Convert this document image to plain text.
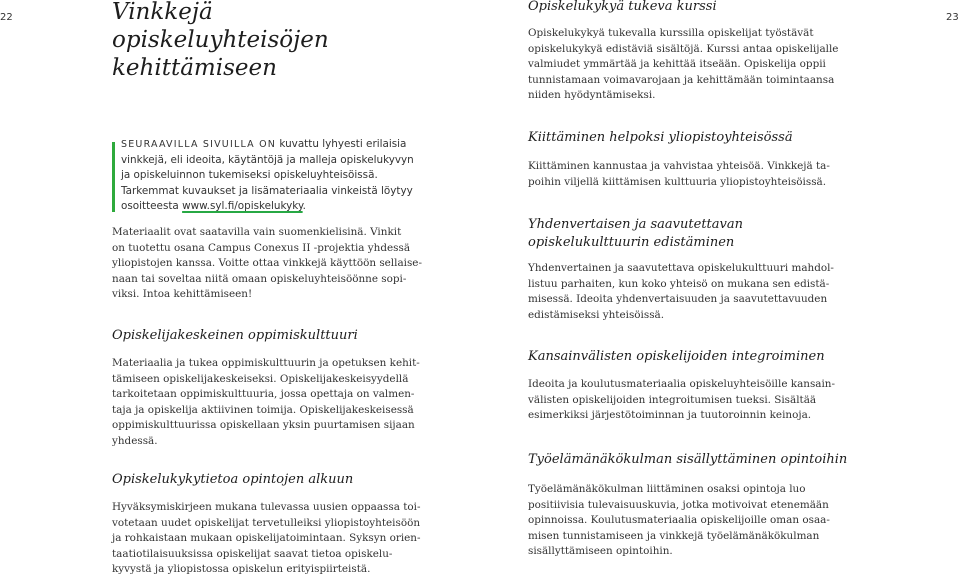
22	23
Vinkkejä opiskeluyhteisöjen
kehittämiseen

SEURAAVILLA SIVUILLA ON kuvattu lyhyesti erilaisia

vinkkejä, eli ideoita, käytäntöjä ja malleja opiskelukyvyn

ja opiskeluinnon tukemiseksi opiskeluyhteisöissä.

Tarkemmat kuvaukset ja lisämateriaalia vinkeistä löytyy

osoitteesta www.syl.fi/opiskelukyky.

Materiaalit ovat saatavilla vain suomenkielisinä. Vinkit

on tuotettu osana Campus Conexus II -projektia yhdessä

yliopistojen kanssa. Voitte ottaa vinkkejä käyttöön sellaise-

naan tai soveltaa niitä omaan opiskeluyhteisöönne sopi-

viksi. Intoa kehittämiseen!

Opiskelijakeskeinen oppimiskulttuuri

Materiaalia ja tukea oppimiskulttuurin ja opetuksen kehit-

tämiseen opiskelijakeskeiseksi. Opiskelijakeskeisyydellä

tarkoitetaan oppimiskulttuuria, jossa opettaja on valmen-

taja ja opiskelija aktiivinen toimija. Opiskelijakeskeisessä

oppimiskulttuurissa opiskellaan yksin puurtamisen sijaan

yhdessä.

Opiskelukykytietoa opintojen alkuun

Hyväksymiskirjeen mukana tulevassa uusien oppaassa toi-

votetaan uudet opiskelijat tervetulleiksi yliopistoyhteisöön

ja rohkaistaan mukaan opiskelijatoimintaan. Syksyn orien-

taatiotilaisuuksissa opiskelijat saavat tietoa opiskelu-

kyvystä ja yliopistossa opiskelun erityispiirteistä.

Opiskelukykyä tukeva kurssi

Opiskelukykyä tukevalla kurssilla opiskelijat työstävät

opiskelukykyä edistäviä sisältöjä. Kurssi antaa opiskelijalle

valmiudet ymmärtää ja kehittää itseään. Opiskelija oppii

tunnistamaan voimavarojaan ja kehittämään toimintaansa

niiden hyödyntämiseksi.

Kiittäminen helpoksi yliopistoyhteisössä

Kiittäminen kannustaa ja vahvistaa yhteisöä. Vinkkejä ta-

poihin viljellä kiittämisen kulttuuria yliopistoyhteisöissä.

Yhdenvertaisen ja saavutettavan

opiskelukulttuurin edistäminen

Yhdenvertainen ja saavutettava opiskelukulttuuri mahdol-

listuu parhaiten, kun koko yhteisö on mukana sen edistä-

misessä. Ideoita yhdenvertaisuuden ja saavutettavuuden

edistämiseksi yhteisöissä.

Kansainvälisten opiskelijoiden integroiminen

Ideoita ja koulutusmateriaalia opiskeluyhteisöille kansain-

välisten opiskelijoiden integroitumisen tueksi. Sisältää

esimerkiksi järjestötoiminnan ja tuutoroinnin keinoja.

Työelämänäkökulman sisällyttäminen opintoihin

Työelämänäkökulman liittäminen osaksi opintoja luo

positiivisia tulevaisuuskuvia, jotka motivoivat etenemään

opinnoissa. Koulutusmateriaalia opiskelijoille oman osaa-

misen tunnistamiseen ja vinkkejä työelämänäkökulman

sisällyttämiseen opintoihin.
